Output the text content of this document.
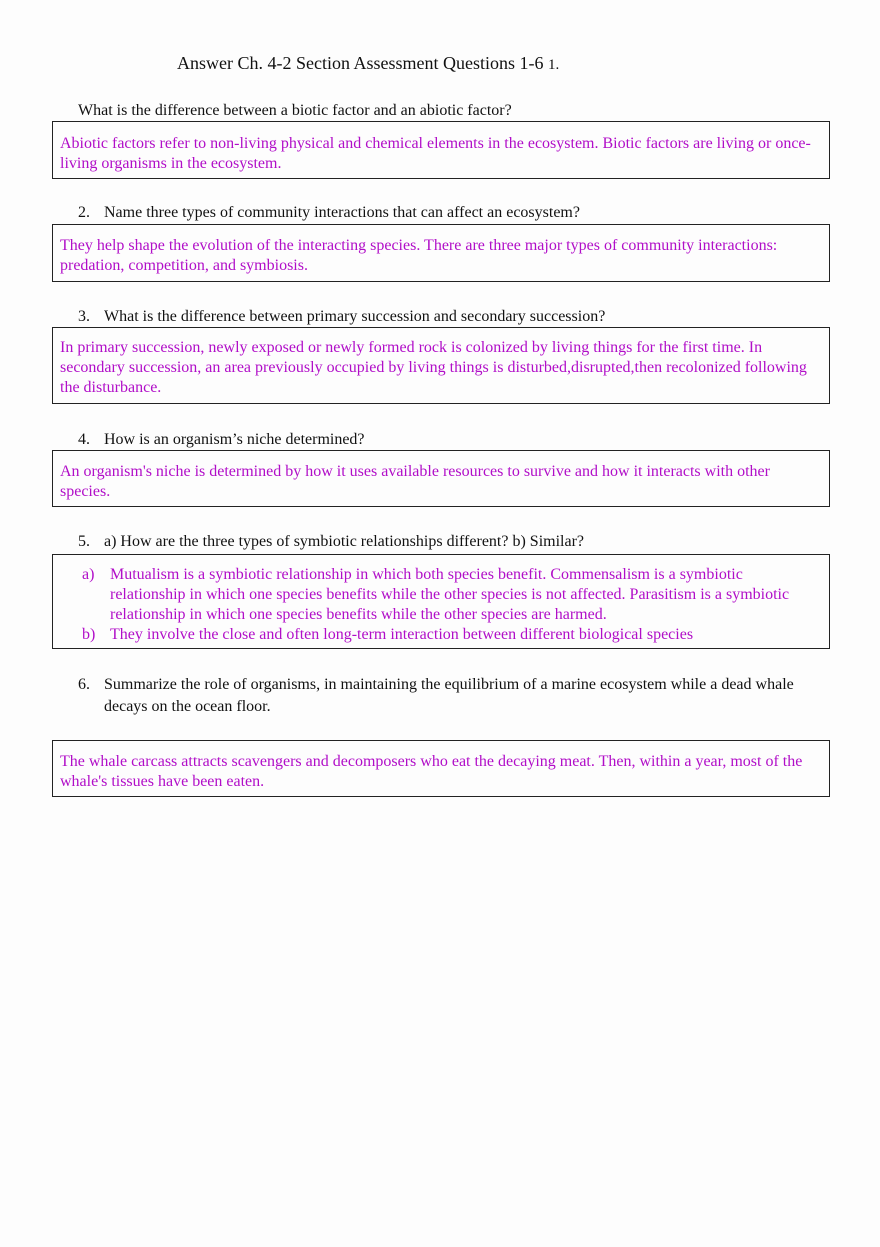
Answer Ch. 4-2 Section Assessment Questions 1-6 1.
What is the difference between a biotic factor and an abiotic factor?
Abiotic factors refer to non-living physical and chemical elements in the ecosystem. Biotic factors are living or once-living organisms in the ecosystem.
2. Name three types of community interactions that can affect an ecosystem?
They help shape the evolution of the interacting species. There are three major types of community interactions: predation, competition, and symbiosis.
3. What is the difference between primary succession and secondary succession?
In primary succession, newly exposed or newly formed rock is colonized by living things for the first time. In secondary succession, an area previously occupied by living things is disturbed,disrupted,then recolonized following the disturbance.
4. How is an organism’s niche determined?
An organism's niche is determined by how it uses available resources to survive and how it interacts with other species.
5. a) How are the three types of symbiotic relationships different? b) Similar?
a) Mutualism is a symbiotic relationship in which both species benefit. Commensalism is a symbiotic relationship in which one species benefits while the other species is not affected. Parasitism is a symbiotic relationship in which one species benefits while the other species are harmed.
b) They involve the close and often long-term interaction between different biological species
6. Summarize the role of organisms, in maintaining the equilibrium of a marine ecosystem while a dead whale decays on the ocean floor.
The whale carcass attracts scavengers and decomposers who eat the decaying meat. Then, within a year, most of the whale's tissues have been eaten.
